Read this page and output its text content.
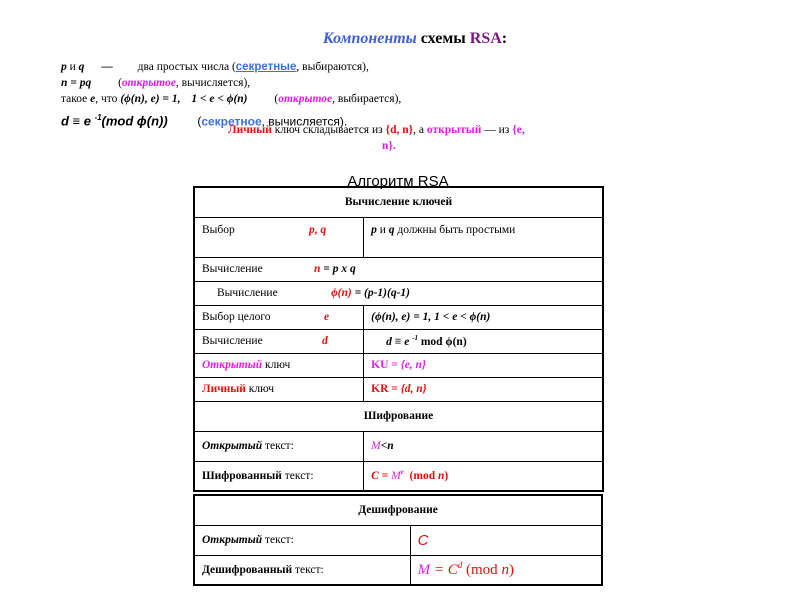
Компоненты схемы RSA:
p и q — два простых числа (секретные, выбираются),
n = pq (открытое, вычисляется),
такое e, что (ϕ(n), e) = 1, 1 < e < ϕ(n) (открытое, выбирается),
d ≡ e $^{-1}$(mod ɸ(n)) (секретное, вычисляется).
Личный ключ складывается из {d, n}, а открытый — из {e,
n}.
Алгоритм RSA
Вычисление ключей	
Выбор p, q	p и q должны быть простыми
Вычисление n = p x q	
Вычисление ϕ(n) = (p-1)(q-1)	
Выбор целого e	(ϕ(n), e) = 1, 1 < e < ϕ(n)
Вычисление d	d ≡ e $^{-1}$ mod ϕ(n)
Открытый ключ	KU = {e, n}
Личный ключ	KR = {d, n}
Шифрование	
Открытый текст:	M<n
Шифрованный текст:	$C = M^e$  (mod n)
Дешифрование	
Открытый текст:	C
Дешифрованный текст:	$M = C^d$ (mod n)
